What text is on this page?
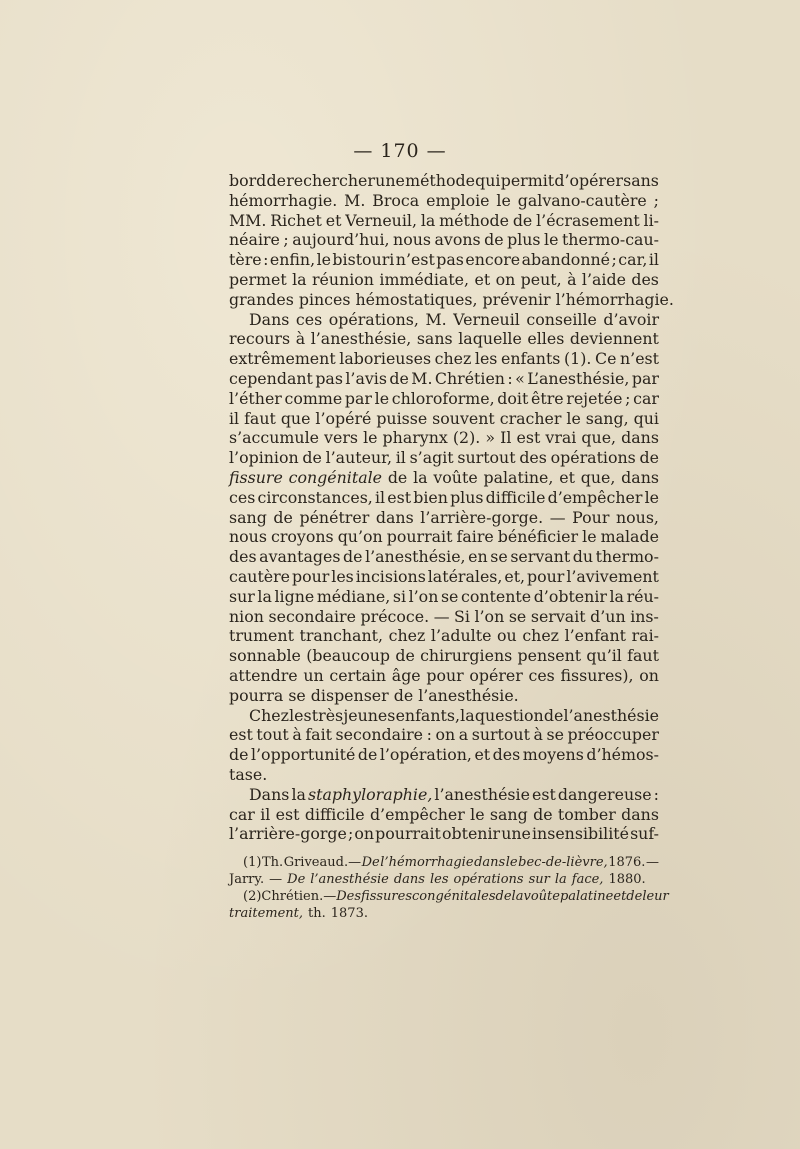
— 170 —
bord de rechercher une méthode qui permit d’opérer sans
hémorrhagie. M. Broca emploie le galvano-cautère ;
MM. Richet et Verneuil, la méthode de l’écrasement li-
néaire ; aujourd’hui, nous avons de plus le thermo-cau-
tère : enfin, le bistouri n’est pas encore abandonné ; car, il
permet la réunion immédiate, et on peut, à l’aide des
grandes pinces hémostatiques, prévenir l’hémorrhagie.
Dans ces opérations, M. Verneuil conseille d’avoir
recours à l’anesthésie, sans laquelle elles deviennent
extrêmement laborieuses chez les enfants (1). Ce n’est
cependant pas l’avis de M. Chrétien : « L’anesthésie, par
l’éther comme par le chloroforme, doit être rejetée ; car
il faut que l’opéré puisse souvent cracher le sang, qui
s’accumule vers le pharynx (2). » Il est vrai que, dans
l’opinion de l’auteur, il s’agit surtout des opérations de
fissure congénitale de la voûte palatine, et que, dans
ces circonstances, il est bien plus difficile d’empêcher le
sang de pénétrer dans l’arrière-gorge. — Pour nous,
nous croyons qu’on pourrait faire bénéficier le malade
des avantages de l’anesthésie, en se servant du thermo-
cautère pour les incisions latérales, et, pour l’avivement
sur la ligne médiane, si l’on se contente d’obtenir la réu-
nion secondaire précoce. — Si l’on se servait d’un ins-
trument tranchant, chez l’adulte ou chez l’enfant rai-
sonnable (beaucoup de chirurgiens pensent qu’il faut
attendre un certain âge pour opérer ces fissures), on
pourra se dispenser de l’anesthésie.
Chez les très jeunes enfants, la question de l’anesthésie
est tout à fait secondaire : on a surtout à se préoccuper
de l’opportunité de l’opération, et des moyens d’hémos-
tase.
Dans la staphyloraphie, l’anesthésie est dangereuse :
car il est difficile d’empêcher le sang de tomber dans
l’arrière-gorge ; on pourrait obtenir une insensibilité suf-
(1) Th. Griveaud.— De l’hémorrhagie dans le bec-de-lièvre, 1876. —
Jarry. — De l’anesthésie dans les opérations sur la face, 1880.
(2) Chrétien.— Des fissures congénitales de la voûte palatine et de leur
traitement, th. 1873.
